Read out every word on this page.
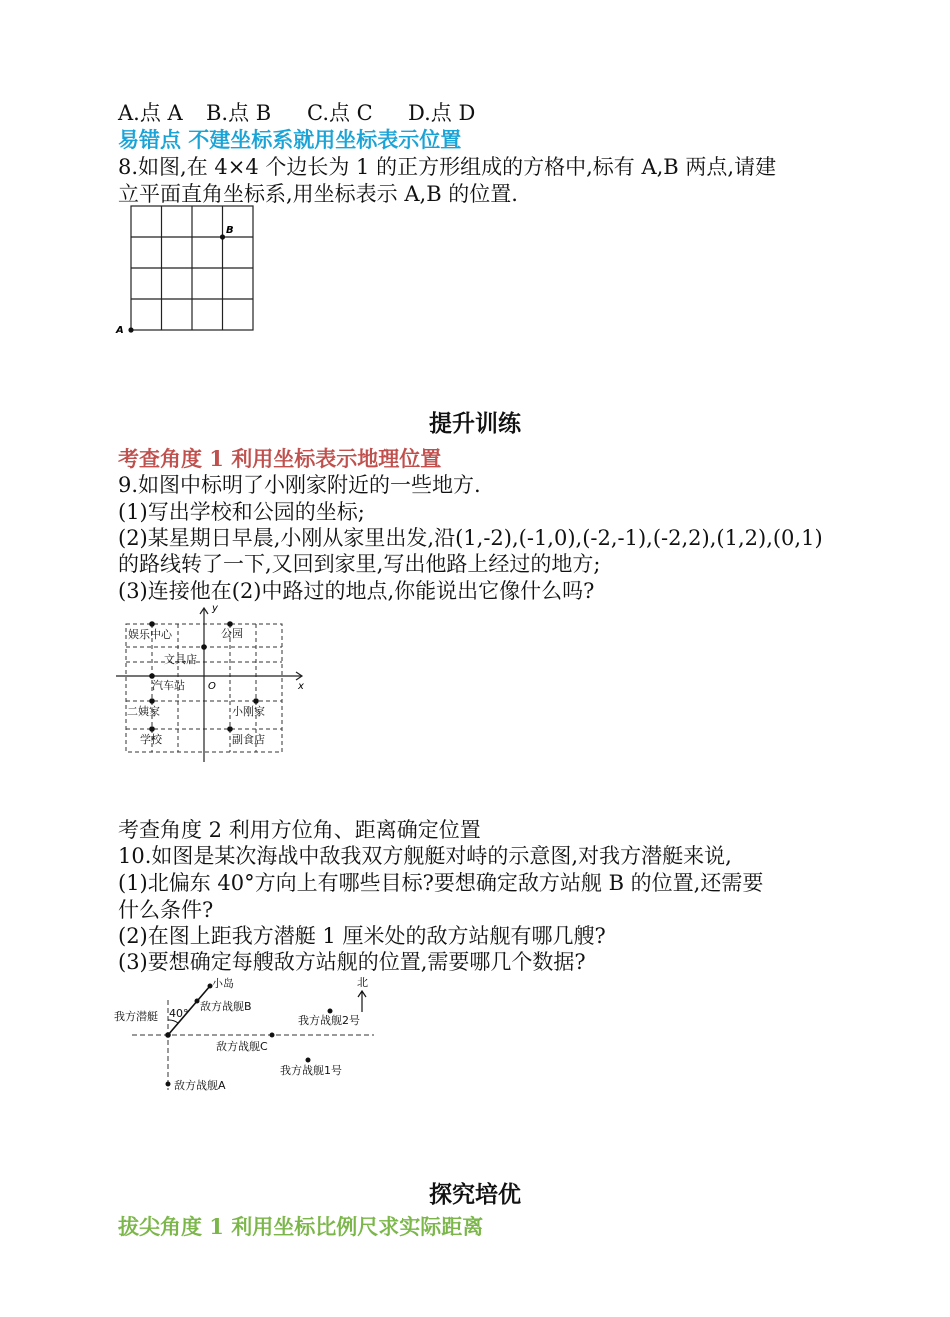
A.点 A B.点 B C.点 C D.点 D
易错点 不建坐标系就用坐标表示位置
8.如图,在 4×4 个边长为 1 的正方形组成的方格中,标有 A,B 两点,请建
立平面直角坐标系,用坐标表示 A,B 的位置.
A
B
提升训练
考查角度 1 利用坐标表示地理位置
9.如图中标明了小刚家附近的一些地方.
(1)写出学校和公园的坐标;
(2)某星期日早晨,小刚从家里出发,沿(1,-2),(-1,0),(-2,-1),(-2,2),(1,2),(0,1)
的路线转了一下,又回到家里,写出他路上经过的地方;
(3)连接他在(2)中路过的地点,你能说出它像什么吗?
y
x
O
娱乐中心	公园
文具店
汽车站
二姨家	小刚家
学校	副食店
考查角度 2 利用方位角、距离确定位置
10.如图是某次海战中敌我双方舰艇对峙的示意图,对我方潜艇来说,
(1)北偏东 40°方向上有哪些目标?要想确定敌方站舰 B 的位置,还需要
什么条件?
(2)在图上距我方潜艇 1 厘米处的敌方站舰有哪几艘?
(3)要想确定每艘敌方站舰的位置,需要哪几个数据?
北
小岛
我方潜艇 40°
敌方战舰B
我方战舰2号
敌方战舰C
我方战舰1号
敌方战舰A
探究培优
拔尖角度 1 利用坐标比例尺求实际距离
